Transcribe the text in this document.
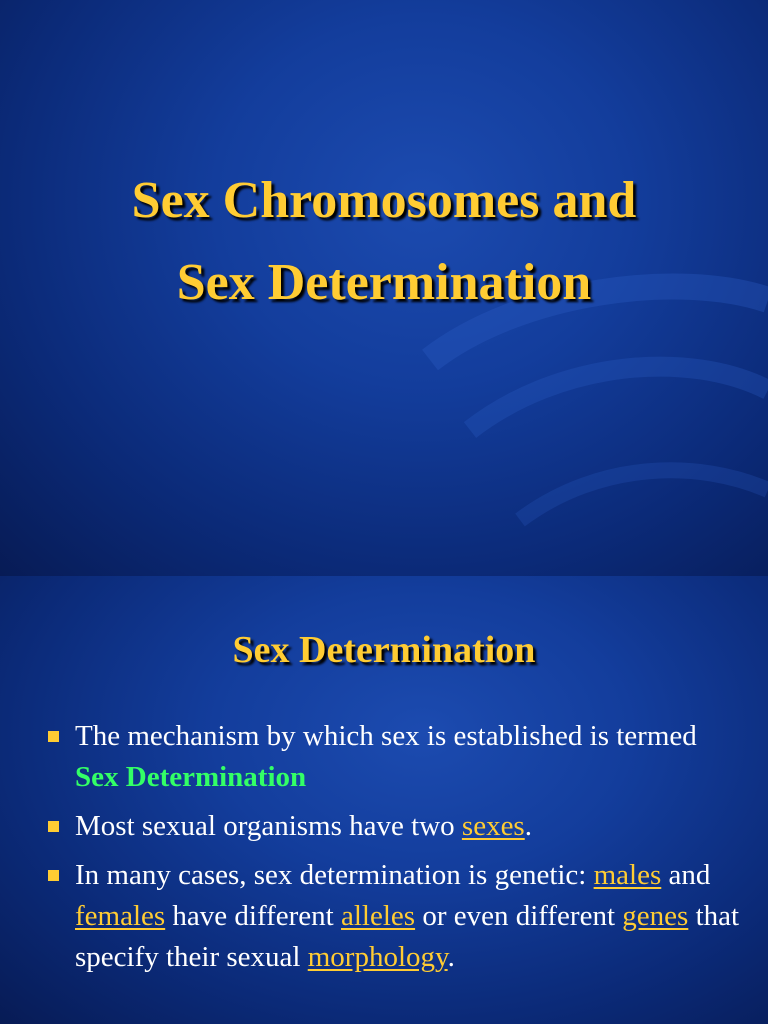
Sex Chromosomes and
Sex Determination
Sex Determination
The mechanism by which sex is established is termed Sex Determination
Most sexual organisms have two sexes.
In many cases, sex determination is genetic: males and females have different alleles or even different genes that specify their sexual morphology.
